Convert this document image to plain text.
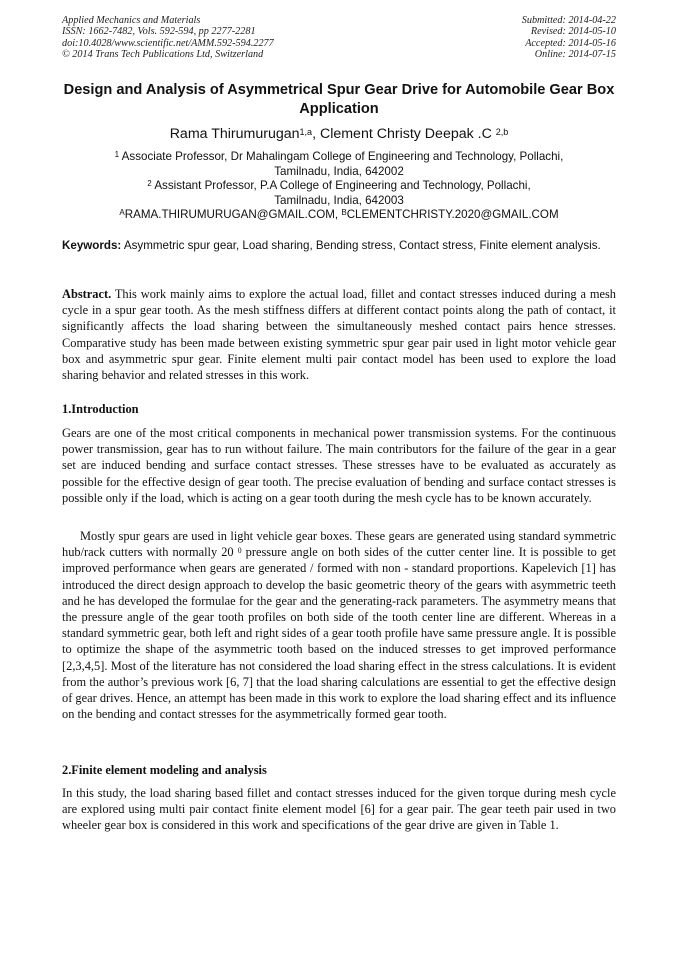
Applied Mechanics and Materials
ISSN: 1662-7482, Vols. 592-594, pp 2277-2281
doi:10.4028/www.scientific.net/AMM.592-594.2277
© 2014 Trans Tech Publications Ltd, Switzerland
Submitted: 2014-04-22
Revised: 2014-05-10
Accepted: 2014-05-16
Online: 2014-07-15
Design and Analysis of Asymmetrical Spur Gear Drive for Automobile Gear Box Application
Rama Thirumurugan$^{1,a}$, Clement Christy Deepak .C $^{2,b}$
$^1$ Associate Professor, Dr Mahalingam College of Engineering and Technology, Pollachi,
Tamilnadu, India, 642002
$^2$ Assistant Professor, P.A College of Engineering and Technology, Pollachi,
Tamilnadu, India, 642003
$^A$RAMA.THIRUMURUGAN@GMAIL.COM, $^B$CLEMENTCHRISTY.2020@GMAIL.COM
Keywords: Asymmetric spur gear, Load sharing, Bending stress, Contact stress, Finite element analysis.
Abstract. This work mainly aims to explore the actual load, fillet and contact stresses induced during a mesh cycle in a spur gear tooth. As the mesh stiffness differs at different contact points along the path of contact, it significantly affects the load sharing between the simultaneously meshed contact pairs hence stresses. Comparative study has been made between existing symmetric spur gear pair used in light motor vehicle gear box and asymmetric spur gear. Finite element multi pair contact model has been used to explore the load sharing behavior and related stresses in this work.
1.Introduction
Gears are one of the most critical components in mechanical power transmission systems. For the continuous power transmission, gear has to run without failure. The main contributors for the failure of the gear in a gear set are induced bending and surface contact stresses. These stresses have to be evaluated as accurately as possible for the effective design of gear tooth. The precise evaluation of bending and surface contact stresses is possible only if the load, which is acting on a gear tooth during the mesh cycle has to be known accurately.
Mostly spur gears are used in light vehicle gear boxes. These gears are generated using standard symmetric hub/rack cutters with normally 20 $^0$ pressure angle on both sides of the cutter center line. It is possible to get improved performance when gears are generated / formed with non - standard proportions. Kapelevich [1] has introduced the direct design approach to develop the basic geometric theory of the gears with asymmetric teeth and he has developed the formulae for the gear and the generating-rack parameters. The asymmetry means that the pressure angle of the gear tooth profiles on both side of the tooth center line are different. Whereas in a standard symmetric gear, both left and right sides of a gear tooth profile have same pressure angle. It is possible to optimize the shape of the asymmetric tooth based on the induced stresses to get improved performance [2,3,4,5]. Most of the literature has not considered the load sharing effect in the stress calculations. It is evident from the author’s previous work [6, 7] that the load sharing calculations are essential to get the effective design of gear drives. Hence, an attempt has been made in this work to explore the load sharing effect and its influence on the bending and contact stresses for the asymmetrically formed gear tooth.
2.Finite element modeling and analysis
In this study, the load sharing based fillet and contact stresses induced for the given torque during mesh cycle are explored using multi pair contact finite element model [6] for a gear pair. The gear teeth pair used in two wheeler gear box is considered in this work and specifications of the gear drive are given in Table 1.
